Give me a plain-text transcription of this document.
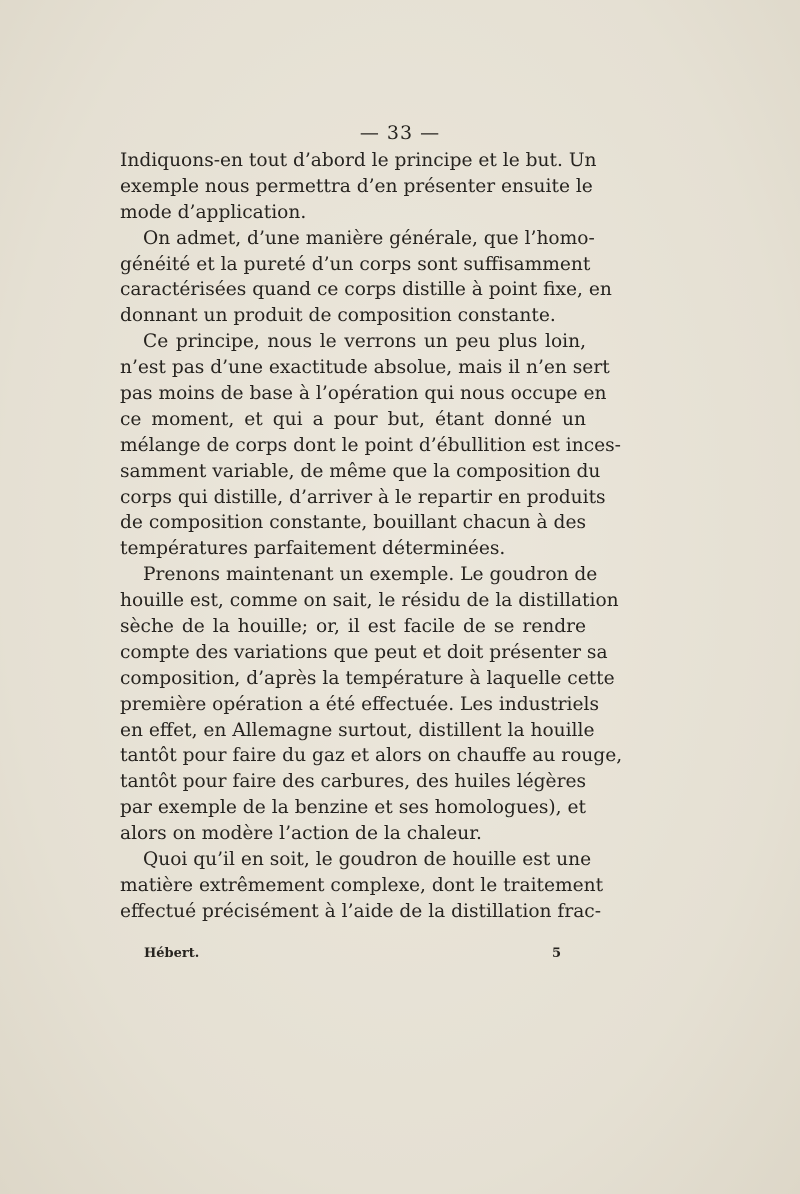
— 33 —
Indiquons-en tout d’abord le principe et le but. Un
exemple nous permettra d’en présenter ensuite le
mode d’application.
On admet, d’une manière générale, que l’homo-
généité et la pureté d’un corps sont suffisamment
caractérisées quand ce corps distille à point fixe, en
donnant un produit de composition constante.
Ce principe, nous le verrons un peu plus loin,
n’est pas d’une exactitude absolue, mais il n’en sert
pas moins de base à l’opération qui nous occupe en
ce moment, et qui a pour but, étant donné un
mélange de corps dont le point d’ébullition est inces-
samment variable, de même que la composition du
corps qui distille, d’arriver à le repartir en produits
de composition constante, bouillant chacun à des
températures parfaitement déterminées.
Prenons maintenant un exemple. Le goudron de
houille est, comme on sait, le résidu de la distillation
sèche de la houille; or, il est facile de se rendre
compte des variations que peut et doit présenter sa
composition, d’après la température à laquelle cette
première opération a été effectuée. Les industriels
en effet, en Allemagne surtout, distillent la houille
tantôt pour faire du gaz et alors on chauffe au rouge,
tantôt pour faire des carbures, des huiles légères
par exemple de la benzine et ses homologues), et
alors on modère l’action de la chaleur.
Quoi qu’il en soit, le goudron de houille est une
matière extrêmement complexe, dont le traitement
effectué précisément à l’aide de la distillation frac-
Hébert.	5
